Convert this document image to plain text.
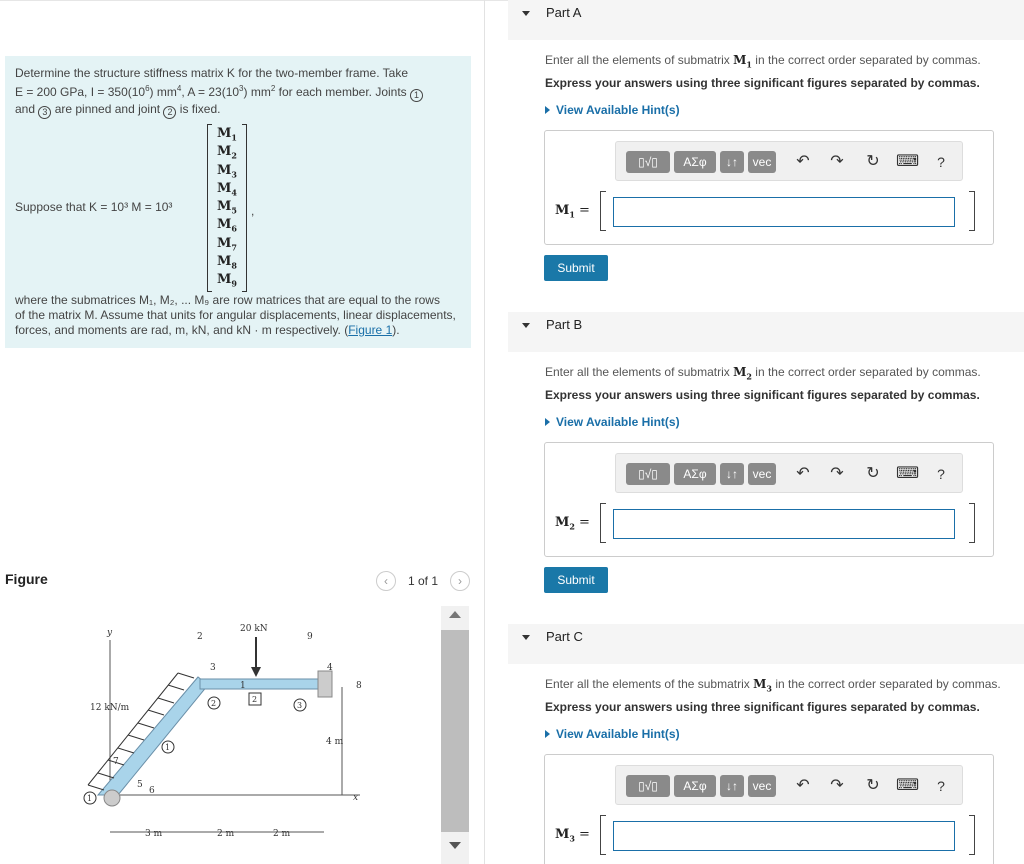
Determine the structure stiffness matrix K for the two-member frame. Take
E = 200 GPa, $I = 350(10^6)$ $mm^4$, $A = 23(10^3)$ $mm^2$ for each member. Joints 1
and 3 are pinned and joint 2 is fixed.
Suppose that K = 10³ M = 10³
$M_1$
$M_2$
$M_3$
$M_4$
$M_5$
$M_6$
$M_7$
$M_8$
$M_9$
,
where the submatrices M₁, M₂, ... M₉ are row matrices that are equal to the rows
of the matrix M. Assume that units for angular displacements, linear displacements,
forces, and moments are rad, m, kN, and kN · m respectively. (Figure 1).
Figure	‹	1 of 1	›
y
x
12 kN/m
20 kN
1
2	3
1
2
2
3	4
5
6
7
8
9
1
4 m
3 m	2 m	2 m
Part A
Enter all the elements of submatrix $M_1$ in the correct order separated by commas.
Express your answers using three significant figures separated by commas.
View Available Hint(s)
▯√▯	ΑΣφ	↓↑	vec ↶ ↷ ↻ ⌨	?
$M_1$ =
Submit
Part B
Enter all the elements of submatrix $M_2$ in the correct order separated by commas.
Express your answers using three significant figures separated by commas.
View Available Hint(s)
▯√▯	ΑΣφ	↓↑	vec ↶ ↷ ↻ ⌨	?
$M_2$ =
Submit
Part C
Enter all the elements of the submatrix $M_3$ in the correct order separated by commas.
Express your answers using three significant figures separated by commas.
View Available Hint(s)
▯√▯	ΑΣφ	↓↑	vec ↶ ↷ ↻ ⌨	?
$M_3$ =
